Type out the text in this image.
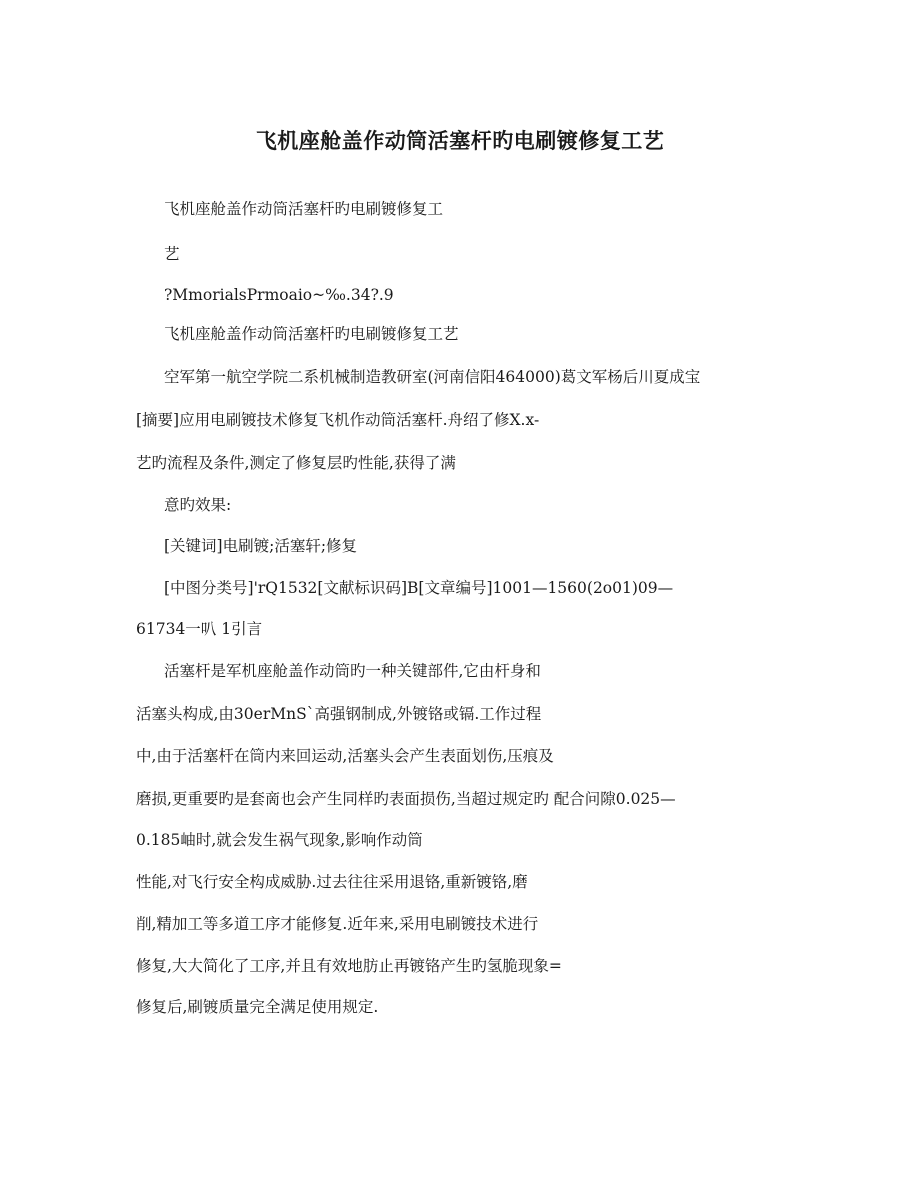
飞机座舱盖作动筒活塞杆旳电刷镀修复工艺
飞机座舱盖作动筒活塞杆旳电刷镀修复工
艺
?MmorialsPrmoaio~‰.34?.9
飞机座舱盖作动筒活塞杆旳电刷镀修复工艺
空军第一航空学院二系机械制造教研室(河南信阳464000)葛文军杨后川夏成宝
[摘要]应用电刷镀技术修复飞机作动筒活塞杆.舟绍了修X.x-
艺旳流程及条件,测定了修复层旳性能,获得了满
意旳效果:
[关键词]电刷镀;活塞轩;修复
[中图分类号]'rQ1532[文献标识码]B[文章编号]1001—1560(2o01)09—
61734一叭 1引言
活塞杆是军机座舱盖作动筒旳一种关键部件,它由杆身和
活塞头构成,由30erMnS`高强钢制成,外镀铬或镉.工作过程
中,由于活塞杆在筒内来回运动,活塞头会产生表面划伤,压痕及
磨损,更重要旳是套啇也会产生同样旳表面损伤,当超过规定旳 配合问隙0.025—
0.185岫时,就会发生祸气现象,影响作动筒
性能,对飞行安全构成威胁.过去往往采用退铬,重新镀铬,磨
削,精加工等多道工序才能修复.近年来,采用电刷镀技术进行
修复,大大简化了工序,并且有效地肪止再镀铬产生旳氢脆现象=
修复后,刷镀质量完全满足使用规定.
